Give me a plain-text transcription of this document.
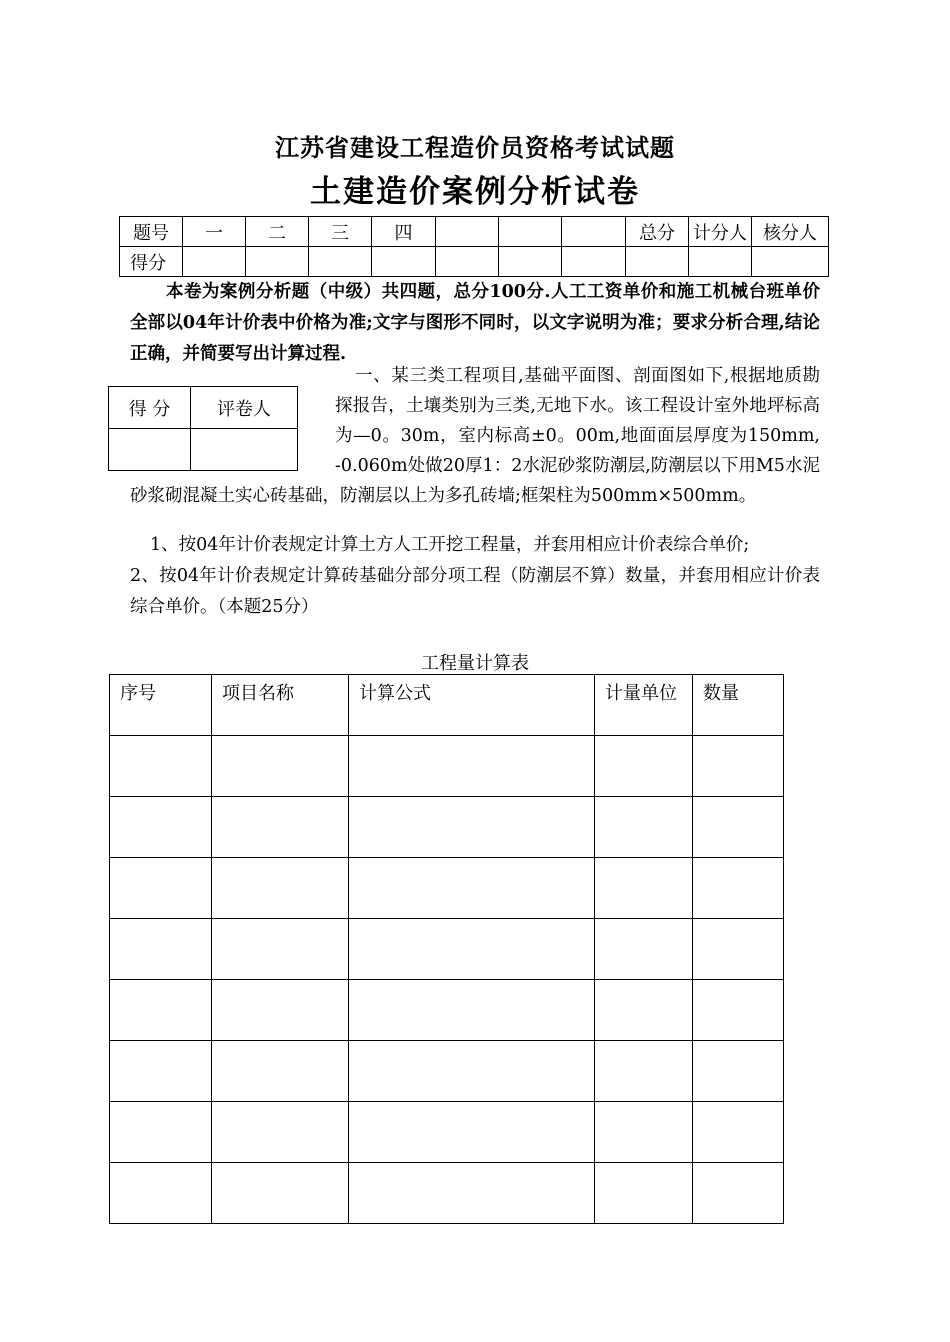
江苏省建设工程造价员资格考试试题
土建造价案例分析试卷
题号	一	二	三	四				总分	计分人	核分人
得分										
本卷为案例分析题（中级）共四题，总分100分.人工工资单价和施工机械台班单价全部以04年计价表中价格为准;文字与图形不同时，以文字说明为准；要求分析合理,结论正确，并简要写出计算过程.
得 分	评卷人

一、某三类工程项目,基础平面图、剖面图如下,根据地质勘探报告，土壤类别为三类,无地下水。该工程设计室外地坪标高为—0。30m，室内标高±0。00m,地面面层厚度为150mm, -0.060m处做20厚1：2水泥砂浆防潮层,防潮层以下用M5水泥砂浆砌混凝土实心砖基础，防潮层以上为多孔砖墙;框架柱为500mm×500mm。

1、按04年计价表规定计算土方人工开挖工程量，并套用相应计价表综合单价;

2、按04年计价表规定计算砖基础分部分项工程（防潮层不算）数量，并套用相应计价表综合单价。（本题25分）

工程量计算表
序号	项目名称	计算公式	计量单位	数量
